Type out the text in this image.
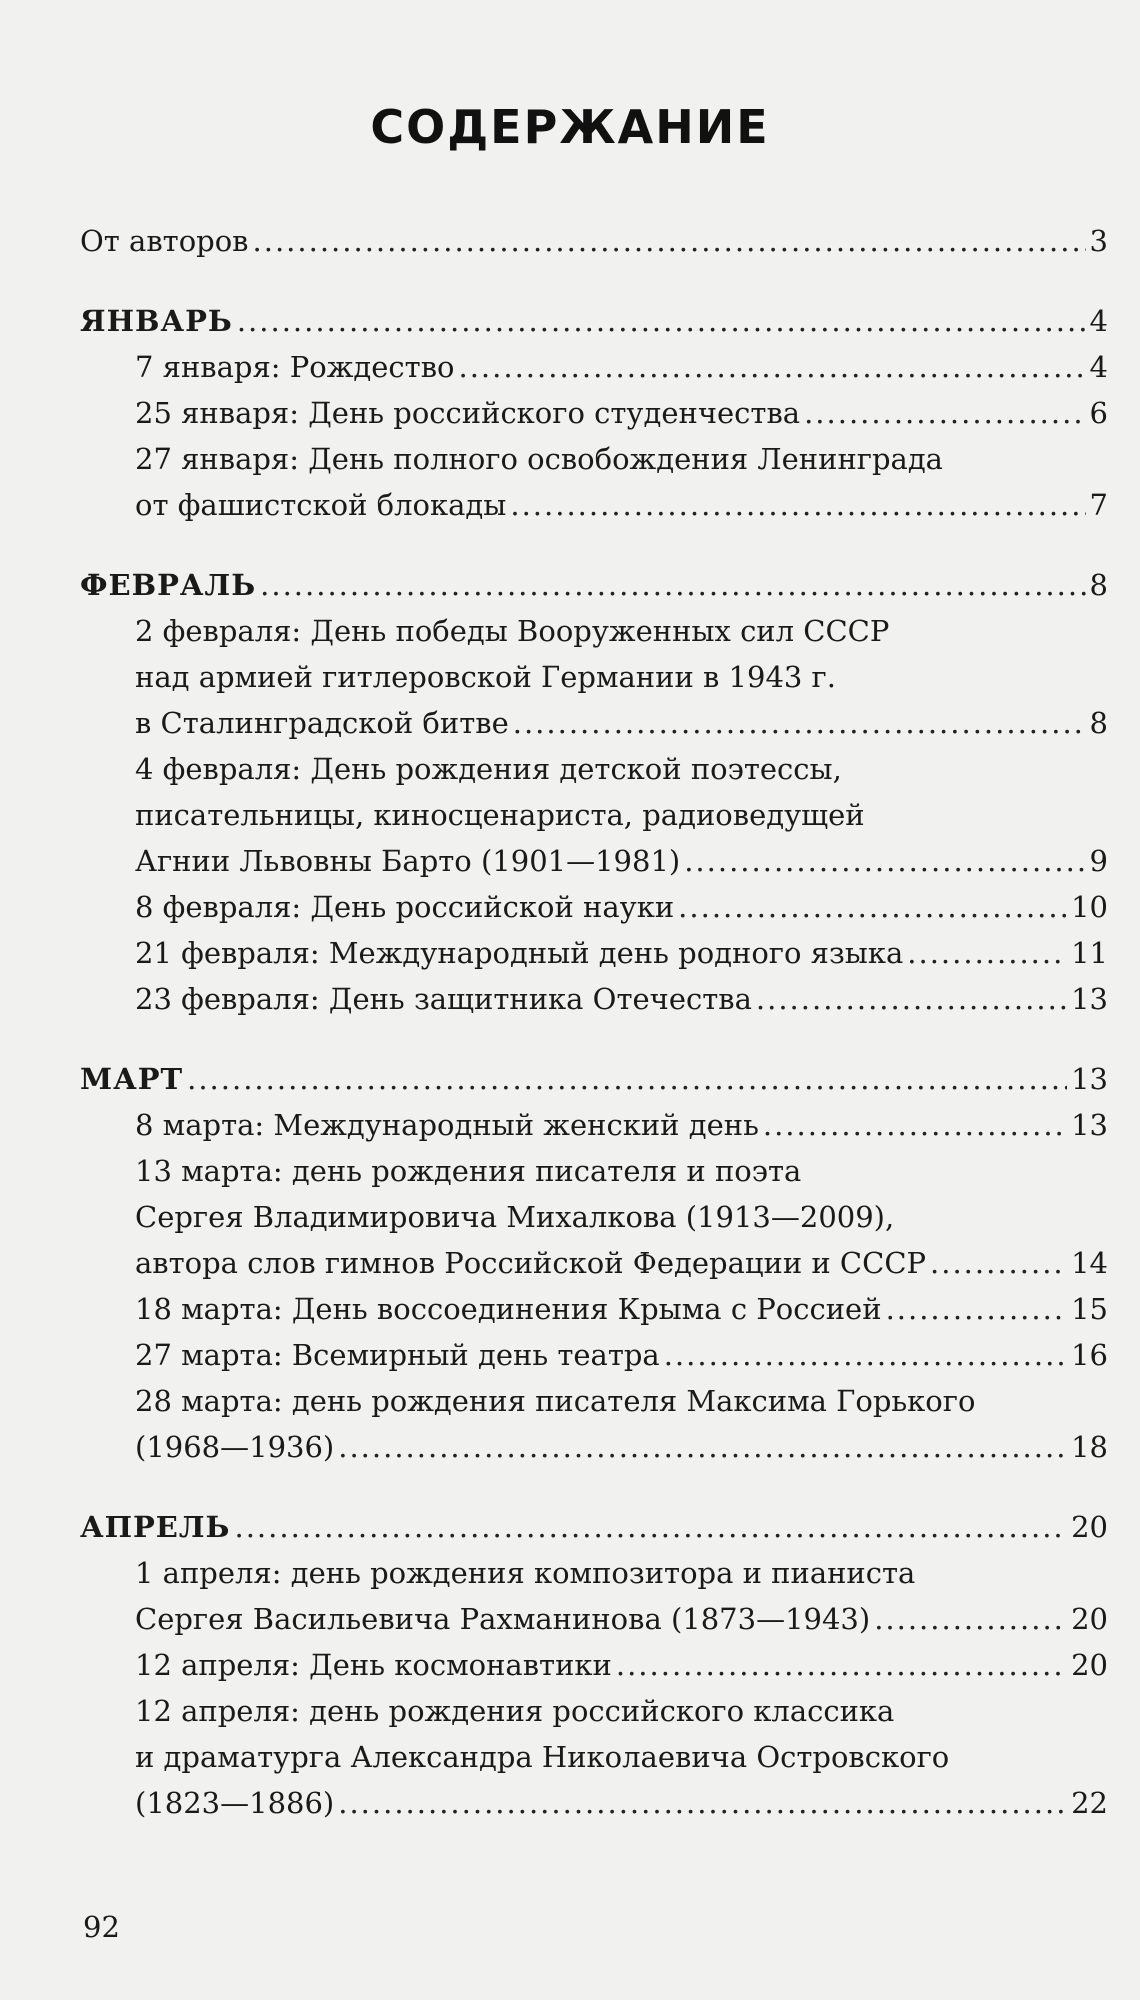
СОДЕРЖАНИЕ
От авторов .....	3
ЯНВАРЬ .....	4
7 января: Рождество .....	4
25 января: День российского студенчества .....	6
27 января: День полного освобождения Ленинграда
от фашистской блокады .....	7
ФЕВРАЛЬ .....	8
2 февраля: День победы Вооруженных сил СССР
над армией гитлеровской Германии в 1943 г.
в Сталинградской битве .....	8
4 февраля: День рождения детской поэтессы,
писательницы, киносценариста, радиоведущей
Агнии Львовны Барто (1901—1981) .....	9
8 февраля: День российской науки .....	10
21 февраля: Международный день родного языка .....	11
23 февраля: День защитника Отечества .....	13
МАРТ .....	13
8 марта: Международный женский день .....	13
13 марта: день рождения писателя и поэта
Сергея Владимировича Михалкова (1913—2009),
автора слов гимнов Российской Федерации и СССР .....	14
18 марта: День воссоединения Крыма с Россией .....	15
27 марта: Всемирный день театра .....	16
28 марта: день рождения писателя Максима Горького
(1968—1936) .....	18
АПРЕЛЬ .....	20
1 апреля: день рождения композитора и пианиста
Сергея Васильевича Рахманинова (1873—1943) .....	20
12 апреля: День космонавтики .....	20
12 апреля: день рождения российского классика
и драматурга Александра Николаевича Островского
(1823—1886) .....	22
92
